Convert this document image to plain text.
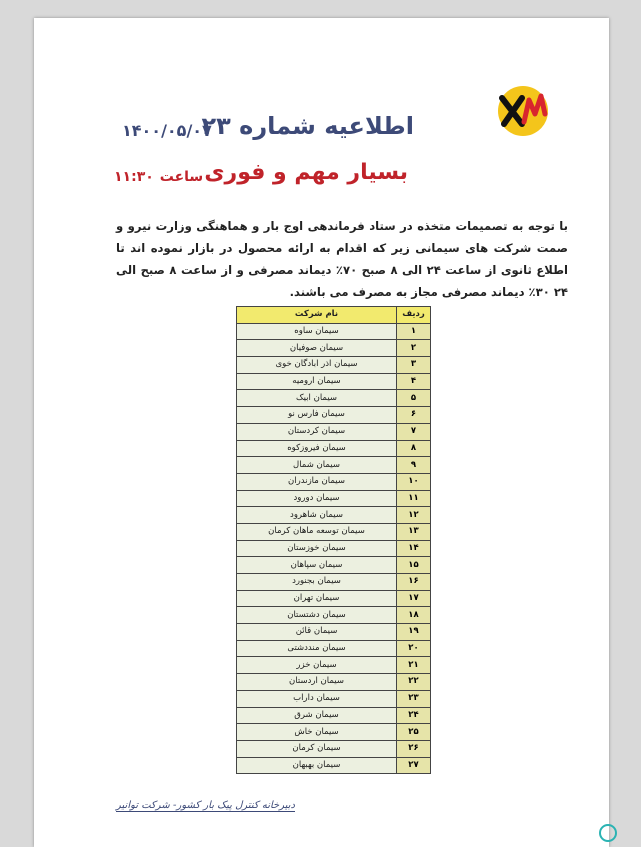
اطلاعیه شماره ۲۳
۱۴۰۰/۰۵/۰۷
بسیار مهم و فوری
ساعت۱۱:۳۰
با توجه به تصمیمات متخذه در ستاد فرماندهی اوج بار و هماهنگی وزارت نیرو و صمت شرکت های سیمانی زیر که اقدام به ارائه محصول در بازار نموده اند تا اطلاع ثانوی از ساعت ۲۴ الی ۸ صبح ۷۰٪ دیماند مصرفی و از ساعت ۸ صبح الی ۲۴ ۳۰٪ دیماند مصرفی مجاز به مصرف می باشند.
ردیف	نام شرکت
۱	سیمان ساوه
۲	سیمان صوفیان
۳	سیمان اذر ابادگان خوی
۴	سیمان ارومیه
۵	سیمان ابیک
۶	سیمان فارس نو
۷	سیمان کردستان
۸	سیمان فیروزکوه
۹	سیمان شمال
۱۰	سیمان مازندران
۱۱	سیمان دورود
۱۲	سیمان شاهرود
۱۳	سیمان توسعه ماهان کرمان
۱۴	سیمان خوزستان
۱۵	سیمان سپاهان
۱۶	سیمان بجنورد
۱۷	سیمان تهران
۱۸	سیمان دشتستان
۱۹	سیمان قائن
۲۰	سیمان منددشتی
۲۱	سیمان خزر
۲۲	سیمان اردستان
۲۳	سیمان داراب
۲۴	سیمان شرق
۲۵	سیمان خاش
۲۶	سیمان کرمان
۲۷	سیمان بهبهان
دبیرخانه کنترل پیک بار کشور- شرکت توانیر
